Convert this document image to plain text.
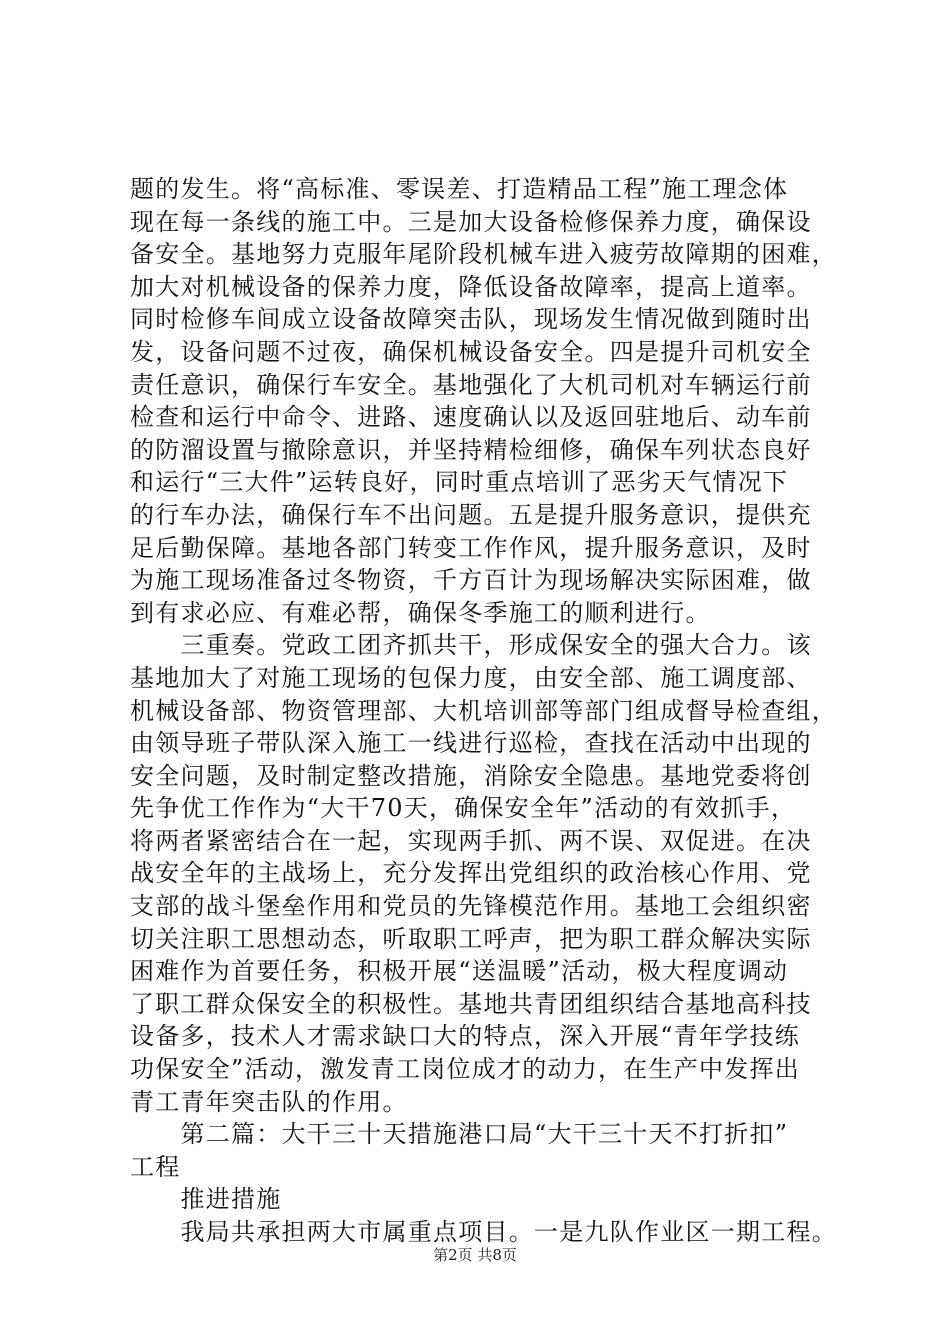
题的发生。将“高标准、零误差、打造精品工程”施工理念体
现在每一条线的施工中。三是加大设备检修保养力度，确保设
备安全。基地努力克服年尾阶段机械车进入疲劳故障期的困难，
加大对机械设备的保养力度，降低设备故障率，提高上道率。
同时检修车间成立设备故障突击队，现场发生情况做到随时出
发，设备问题不过夜，确保机械设备安全。四是提升司机安全
责任意识，确保行车安全。基地强化了大机司机对车辆运行前
检查和运行中命令、进路、速度确认以及返回驻地后、动车前
的防溜设置与撤除意识，并坚持精检细修，确保车列状态良好
和运行“三大件”运转良好，同时重点培训了恶劣天气情况下
的行车办法，确保行车不出问题。五是提升服务意识，提供充
足后勤保障。基地各部门转变工作作风，提升服务意识，及时
为施工现场准备过冬物资，千方百计为现场解决实际困难，做
到有求必应、有难必帮，确保冬季施工的顺利进行。
　　三重奏。党政工团齐抓共干，形成保安全的强大合力。该
基地加大了对施工现场的包保力度，由安全部、施工调度部、
机械设备部、物资管理部、大机培训部等部门组成督导检查组，
由领导班子带队深入施工一线进行巡检，查找在活动中出现的
安全问题，及时制定整改措施，消除安全隐患。基地党委将创
先争优工作作为“大干70天，确保安全年”活动的有效抓手，
将两者紧密结合在一起，实现两手抓、两不误、双促进。在决
战安全年的主战场上，充分发挥出党组织的政治核心作用、党
支部的战斗堡垒作用和党员的先锋模范作用。基地工会组织密
切关注职工思想动态，听取职工呼声，把为职工群众解决实际
困难作为首要任务，积极开展“送温暖”活动，极大程度调动
了职工群众保安全的积极性。基地共青团组织结合基地高科技
设备多，技术人才需求缺口大的特点，深入开展“青年学技练
功保安全”活动，激发青工岗位成才的动力，在生产中发挥出
青工青年突击队的作用。
　　第二篇：大干三十天措施港口局“大干三十天不打折扣”
工程
　　推进措施
　　我局共承担两大市属重点项目。一是九队作业区一期工程。
第2页 共8页
